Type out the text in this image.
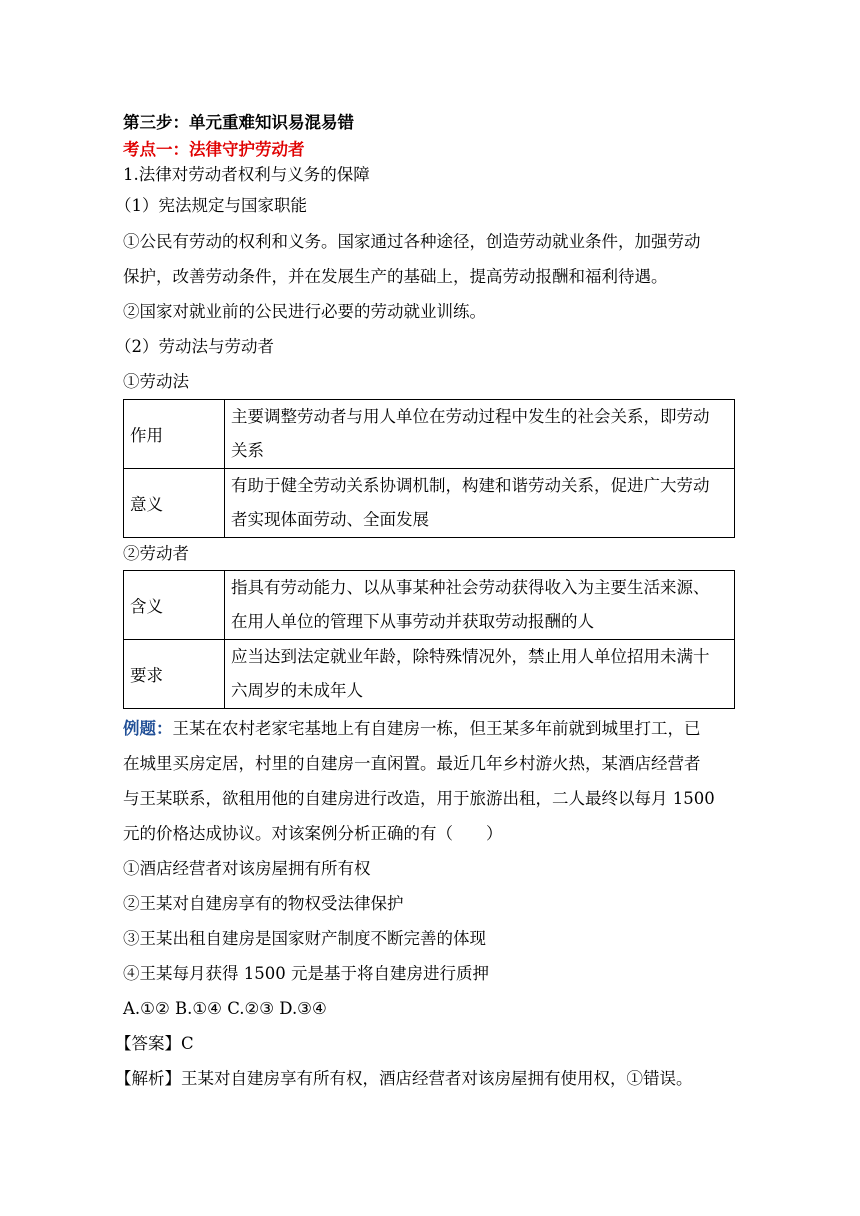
第三步：单元重难知识易混易错
考点一：法律守护劳动者
1.法律对劳动者权利与义务的保障
（1）宪法规定与国家职能
①公民有劳动的权利和义务。国家通过各种途径，创造劳动就业条件，加强劳动
保护，改善劳动条件，并在发展生产的基础上，提高劳动报酬和福利待遇。
②国家对就业前的公民进行必要的劳动就业训练。
（2）劳动法与劳动者
①劳动法
作用	主要调整劳动者与用人单位在劳动过程中发生的社会关系，即劳动
关系

意义	有助于健全劳动关系协调机制，构建和谐劳动关系，促进广大劳动
者实现体面劳动、全面发展
②劳动者
含义	指具有劳动能力、以从事某种社会劳动获得收入为主要生活来源、
在用人单位的管理下从事劳动并获取劳动报酬的人

要求	应当达到法定就业年龄，除特殊情况外，禁止用人单位招用未满十
六周岁的未成年人
例题：王某在农村老家宅基地上有自建房一栋，但王某多年前就到城里打工，已
在城里买房定居，村里的自建房一直闲置。最近几年乡村游火热，某酒店经营者
与王某联系，欲租用他的自建房进行改造，用于旅游出租，二人最终以每月 1500
元的价格达成协议。对该案例分析正确的有（　　）
①酒店经营者对该房屋拥有所有权
②王某对自建房享有的物权受法律保护
③王某出租自建房是国家财产制度不断完善的体现
④王某每月获得 1500 元是基于将自建房进行质押
A.①② B.①④ C.②③ D.③④
【答案】C
【解析】王某对自建房享有所有权，酒店经营者对该房屋拥有使用权，①错误。
